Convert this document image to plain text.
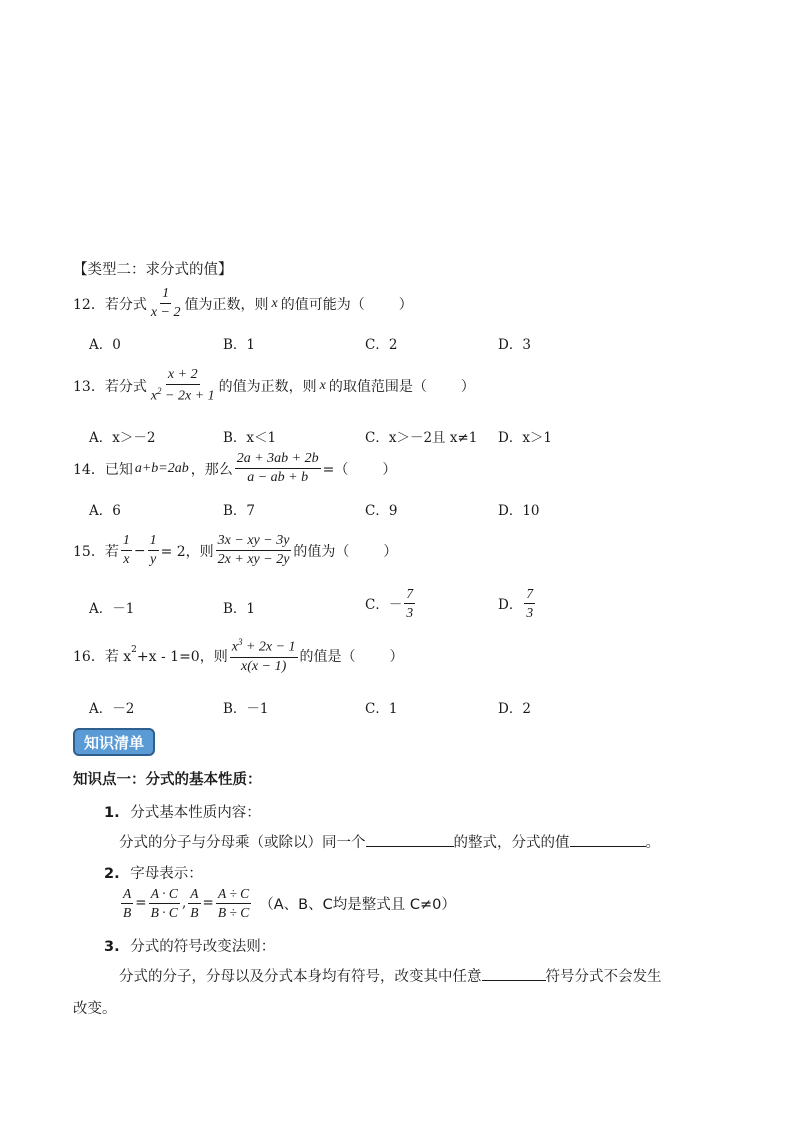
【类型二：求分式的值】
12．若分式 $\frac{1}{x - 2}$ 值为正数，则 x 的值可能为（ ）
A．0	B．1	C．2	D．3
13．若分式 $\frac{x + 2}{x^2 - 2x + 1}$ 的值为正数，则 x 的取值范围是（ ）
A．x＞－2	B．x＜1	C．x＞－2且 x≠1 D．x＞1
14．已知 a+b=2ab ，那么 $\frac{2a + 3ab + 2b}{a - ab + b}$ =（ ）
A．6	B．7	C．9	D．10
15．若 $\frac{1}{x} - \frac{1}{y} = 2$，则 $\frac{3x - xy - 3y}{2x + xy - 2y}$ 的值为（ ）
A．－1	B．1	C．－ $\frac{7}{3}$	D． $\frac{7}{3}$
16．若 $x^2 +x - 1=0$，则 $\frac{x^3 + 2x - 1}{x(x - 1)}$ 的值是（ ）
A．－2	B．－1	C．1	D．2
知识清单
知识点一：分式的基本性质：
1. 分式基本性质内容：
分式的分子与分母乘（或除以）同一个	的整式，分式的值	。
2. 字母表示：
$\frac{A}{B} = \frac{A \cdot C}{B \cdot C}$ , $\frac{A}{B} = \frac{A \div C}{B \div C} (A$、B、C均是整式且 C≠0）
3. 分式的符号改变法则：
分式的分子，分母以及分式本身均有符号，改变其中任意	符号分式不会发生
改变。
